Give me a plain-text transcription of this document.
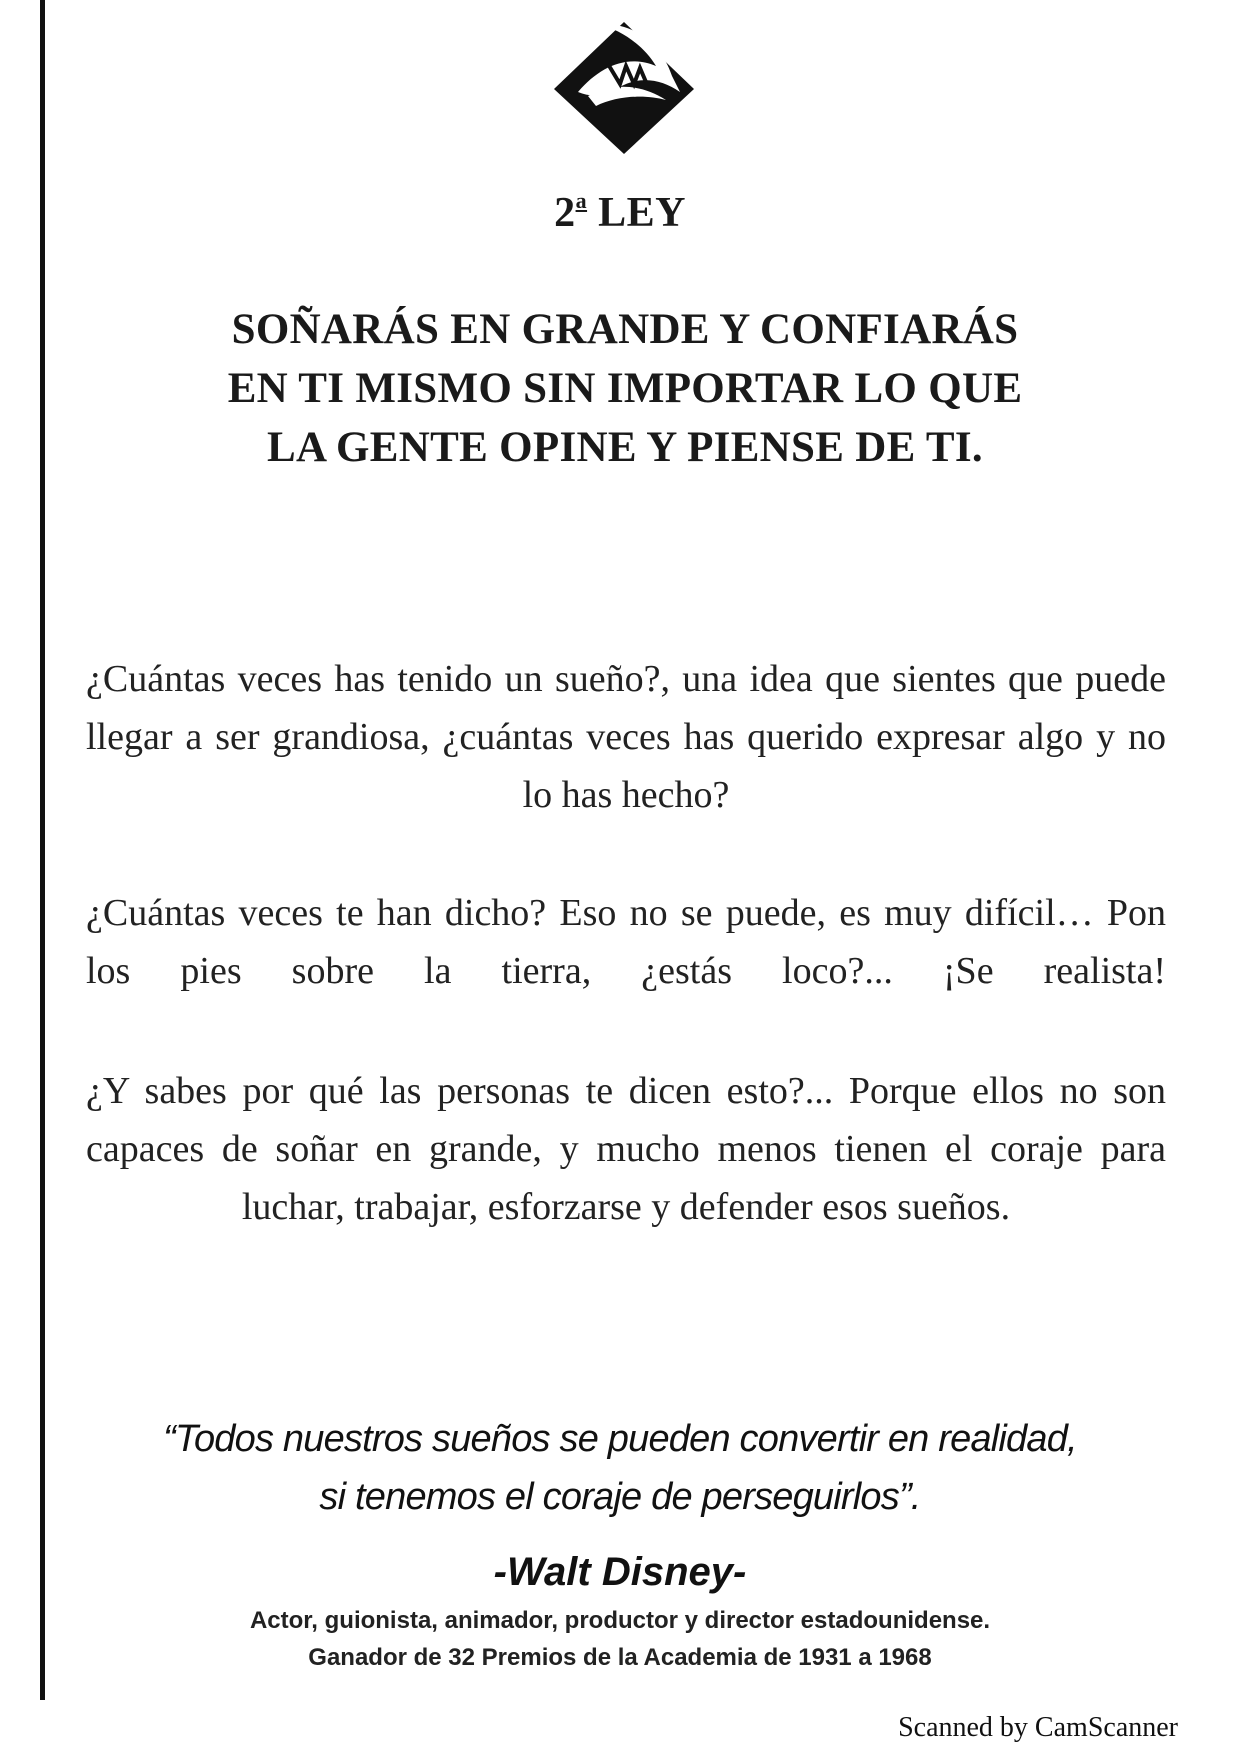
2$^a$ LEY
SOÑARÁS EN GRANDE Y CONFIARÁS
EN TI MISMO SIN IMPORTAR LO QUE
LA GENTE OPINE Y PIENSE DE TI.

¿Cuántas veces has tenido un sueño?, una idea que sientes que puede llegar a ser grandiosa, ¿cuántas veces has querido expresar algo y no lo has hecho?

¿Cuántas veces te han dicho? Eso no se puede, es muy difícil… Pon los pies sobre la tierra, ¿estás loco?... ¡Se realista!

¿Y sabes por qué las personas te dicen esto?... Porque ellos no son capaces de soñar en grande, y mucho menos tienen el coraje para luchar, trabajar, esforzarse y defender esos sueños.

“Todos nuestros sueños se pueden convertir en realidad,
si tenemos el coraje de perseguirlos”.
-Walt Disney-
Actor, guionista, animador, productor y director estadounidense.
Ganador de 32 Premios de la Academia de 1931 a 1968
Scanned by CamScanner
